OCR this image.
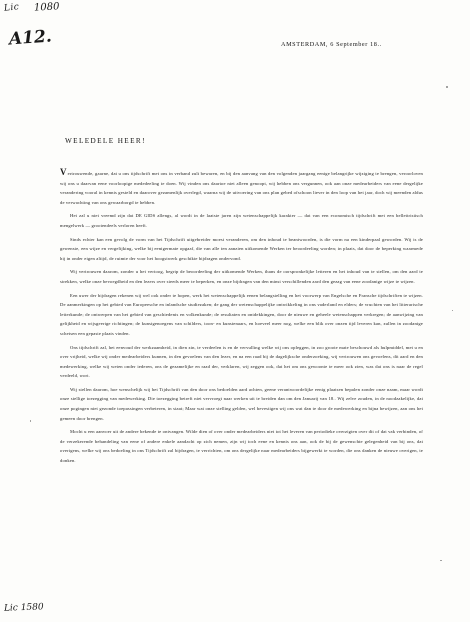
Lic 1080
A12.	AMSTERDAM, 6 September 18..
WELEDELE HEER!

Vertrouwende, gaarne, dat u ons tijdschrift met ons in verband zult bewaren, en bij den aanvang van den volgenden jaargang eenige belangrijke wijziging te brengen, veroorloven wij ons u daarvan eene voorloopige mededeeling te doen. Wij vinden ons daartoe niet alleen genoopt, wij hebben ons vergunnen, ook aan onze medearbeiders van eene dergelijke verandering vooral in kennis gesteld en daarover gezamenlijk overlegd, waarna wij de uitvoering van ons plan gebed ofschoon liever in den loop van het jaar, doch wij meenden aldus de verwachting van ons gewaarborgd te hebben.

Het zal u niet vreemd zijn dat DE GIDS allengs, al wordt in de laatste jaren zijn wetenschappelijk karakter — dat van een economisch tijdschrift met een bellettristisch mengelwerk — grootendeels verloren heeft.

Sinds echter kan een gevolg de vorm van het Tijdschrift uitgebreider moest veranderen, om den inhoud te beantwoorden, is die vorm na een kinderpaal geworden. Wij is de gewenste, een wijze en vergelijking, welke bij eenigermate opgaaf, die van alle ten aanzien uitkomende Werken ter beoordeeling worden; in plaats, dat door de beperking waarmede hij in onder eigen altijd, de ruimte der voor het hoogstwerk geschikte bijdragen ondervond.

Wij vertrouwen daarom, zonder u het vertoog, begrip de beoordeeling der uitkomende Werken, thans de oorspronkelijke letteren en het inhoud van te stellen, om den aard te strekken, welke onze bevoegdheid en den lezers over steeds meer te beperken, en onze bijdragen van den minst verschillenden aard den gezag van eene zoodanige wijze te wijzen.

Een uwer der bijdragen rekenen wij wel ook onder te hopen, werk het wetenschappelijk eenen belangstelling en het voorwerp van Engelsche en Fransche tijdschriften te wijzen. De aanmerkingen op het gebied van Europeesche en inlandsche studiezaken; de gang der wetenschappelijke ontwikkeling in ons vaderland en elders; de vruchten van het litterarische letterkunde; de ontwerpen van het gebied van geschiedenis en volkenkunde; de resultaten en ontdekkingen, door de nieuwe en geheele wetenschappen verkregen; de aanwijzing van gelijkheid en wijsgeerige richtingen; de kunstgenoegens van schilders, toon- en kunstenaars, en hoeveel meer nog, welke een blik over onzen tijd leveren kan, zullen in zoodanige schetsen een gepaste plaats vinden.

Ons tijdschrift zal, het eenvoud der werkzaamheid, in dien zin, te verdeelen is en de vervulling welke wij ons opleggen, in zoo groote mate beschouwd als hulpmiddel, met u en over vrijheid, welke wij onder medearbeiders kunnen, in den gevoelens van den lezer, en na een raad bij de dagelijksche onderzoeking, wij vertrouwen ons gevoelens, dit aard en den medewerking, welke wij weten onder iederen, ons de gezamelijke en raad der, verklaren, wij zeggen ook, dat het om ons gewoonte te meer ook zien, was dat ons is naar de regel verdeeld, wort.

Wij stellen daarom, hoe wenschelijk wij het Tijdschrift van den door ons bedoelden aard achten, geene verantwoordelijke eenig plaatsen bepalen zonder onze naam, maar wordt onze stellige toezegging van medewerking. Die toezegging betreft niet vervroegt naar werken uit te breiden dan om den Januarij van 18.. Wij zelve zouden, in de noodzakelijke, dat onze pogingen niet gezonde toepassingen verbeteren, in staat; Maar wat onze stelling gelden, wel bevestigen wij ons wat dan te door de medewerking en bijna bewijzen, aan ons het gemeen door brengen.

Mocht u een aanvoer uit de andere bekende te ontvangen. Wilde dien of over onder medearbeiders niet tot het leveren van periodieke overzigten over dit of dat vak verbinden, of de verzekerende behandeling van eene of andere enkele aandacht op zich nemen, zijn wij toch eene en kennis ons aan, ook de bij de gewenschte gelegenheid van bij ons, dat overigens, welke wij ons bedoeling in ons Tijdschrift zal bijdragen, te verrichten, om ons dergelijke naar medearbeiders bijgewerkt te worden, die ons danken de nieuwe overigen, te donken.

Lic 1580
